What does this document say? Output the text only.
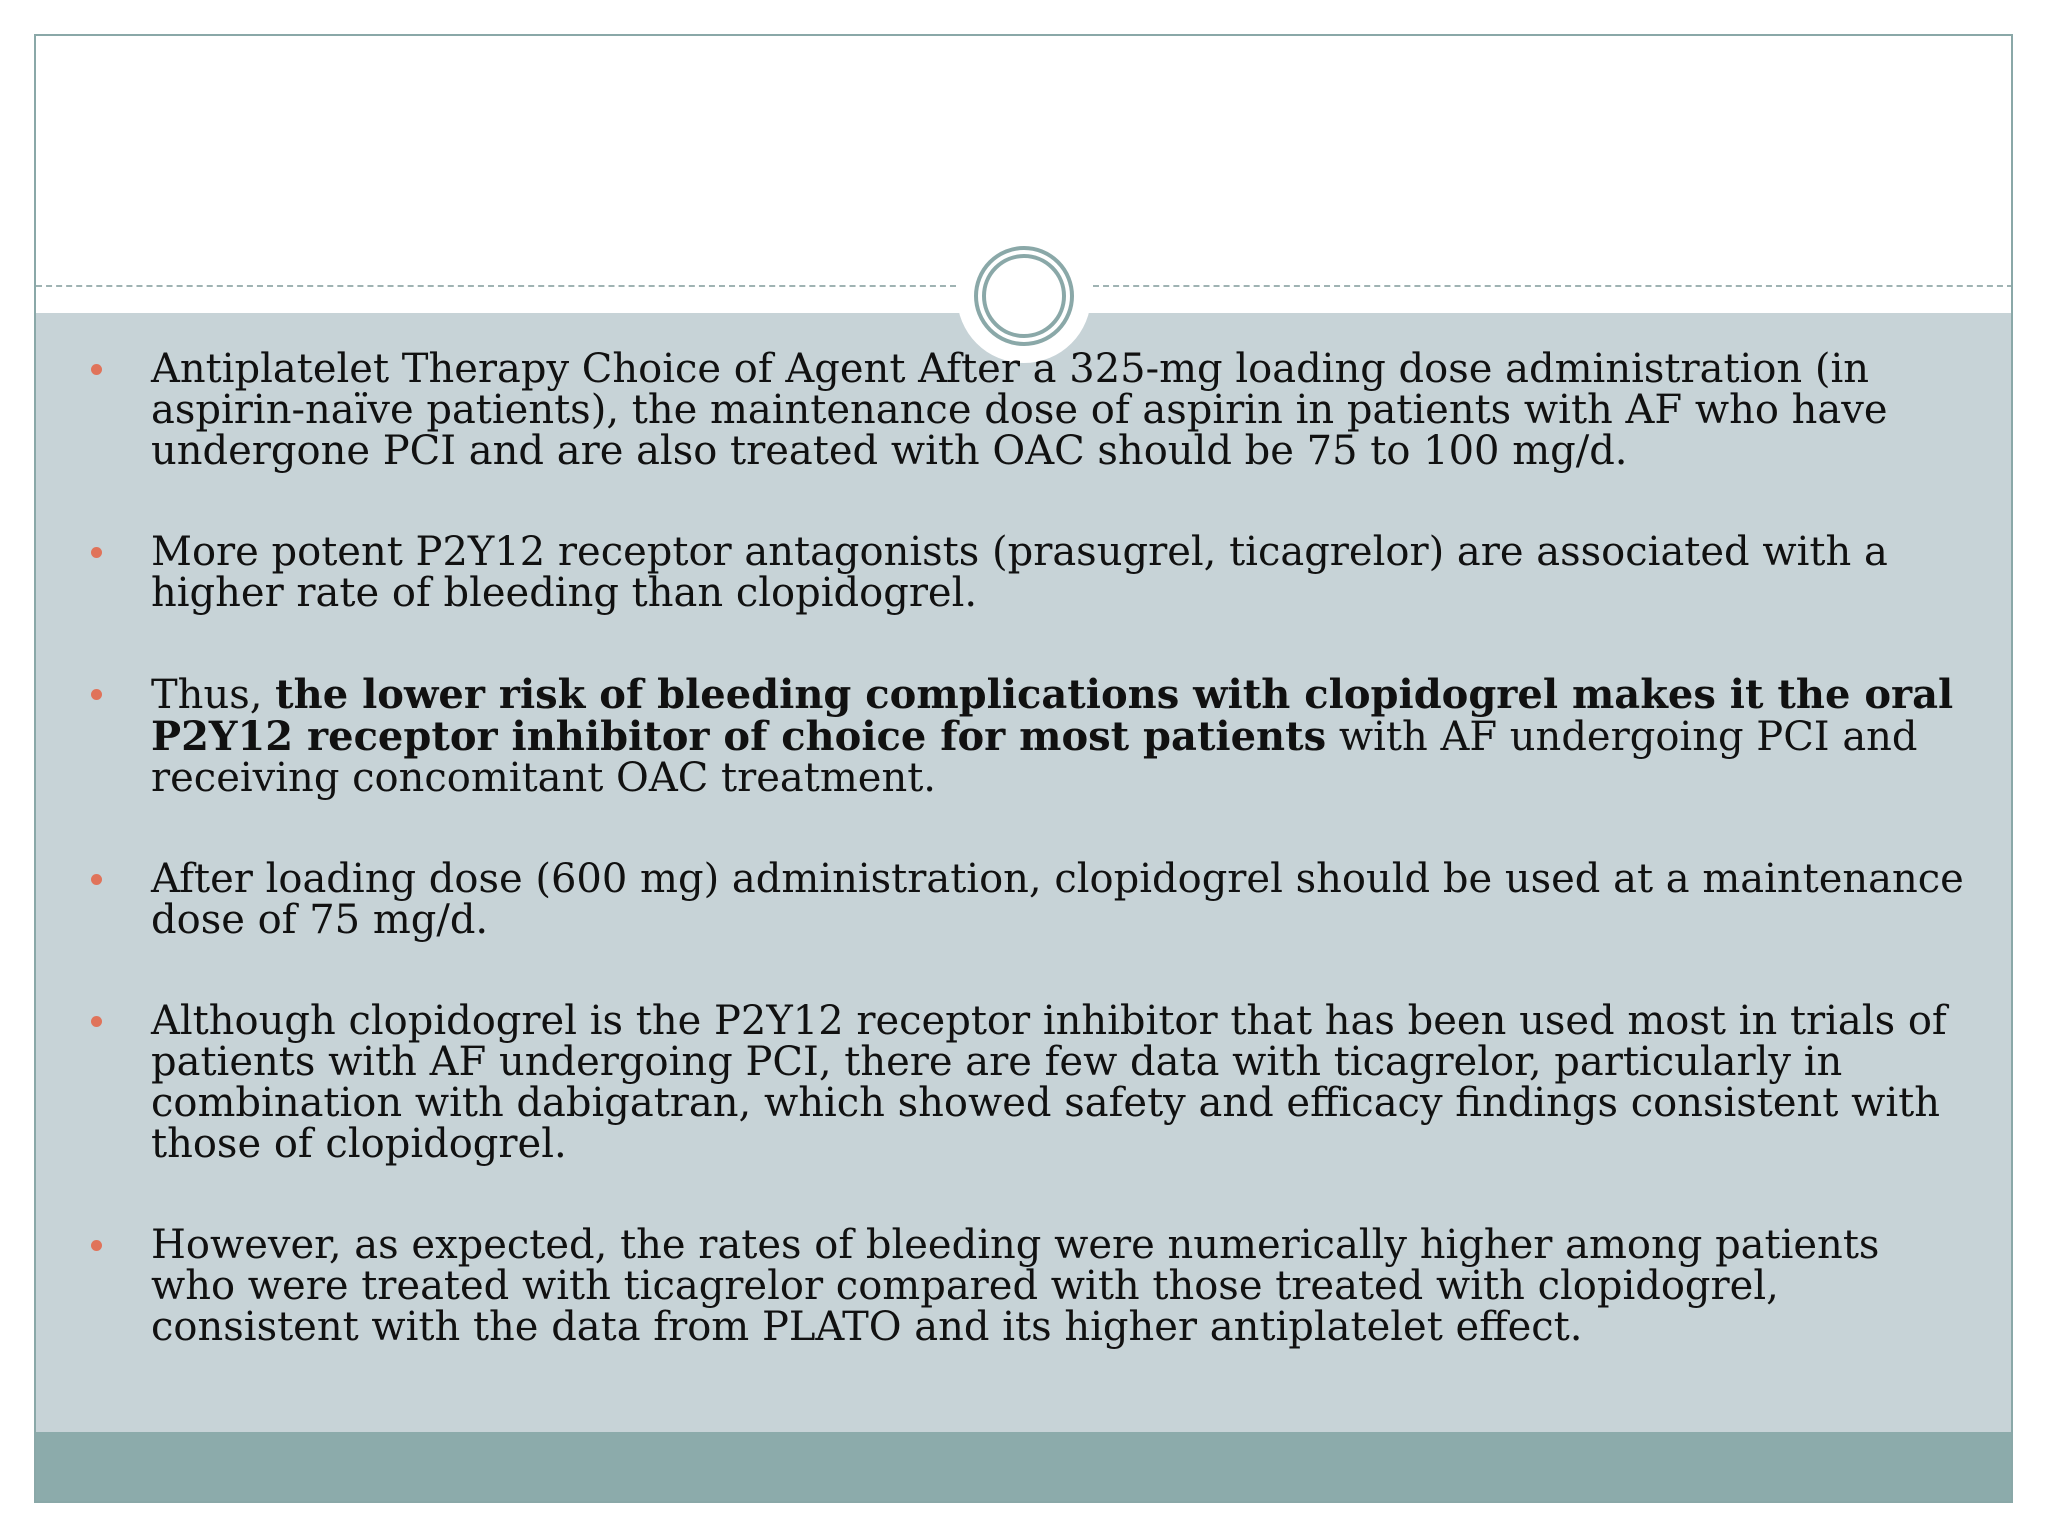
Antiplatelet Therapy Choice of Agent After a 325-mg loading dose administration (in aspirin-naïve patients), the maintenance dose of aspirin in patients with AF who have undergone PCI and are also treated with OAC should be 75 to 100 mg/d.
More potent P2Y12 receptor antagonists (prasugrel, ticagrelor) are associated with a higher rate of bleeding than clopidogrel.
Thus, the lower risk of bleeding complications with clopidogrel makes it the oral P2Y12 receptor inhibitor of choice for most patients with AF undergoing PCI and receiving concomitant OAC treatment.
After loading dose (600 mg) administration, clopidogrel should be used at a maintenance dose of 75 mg/d.
Although clopidogrel is the P2Y12 receptor inhibitor that has been used most in trials of patients with AF undergoing PCI, there are few data with ticagrelor, particularly in combination with dabigatran, which showed safety and efficacy findings consistent with those of clopidogrel.
However, as expected, the rates of bleeding were numerically higher among patients who were treated with ticagrelor compared with those treated with clopidogrel, consistent with the data from PLATO and its higher antiplatelet effect.
